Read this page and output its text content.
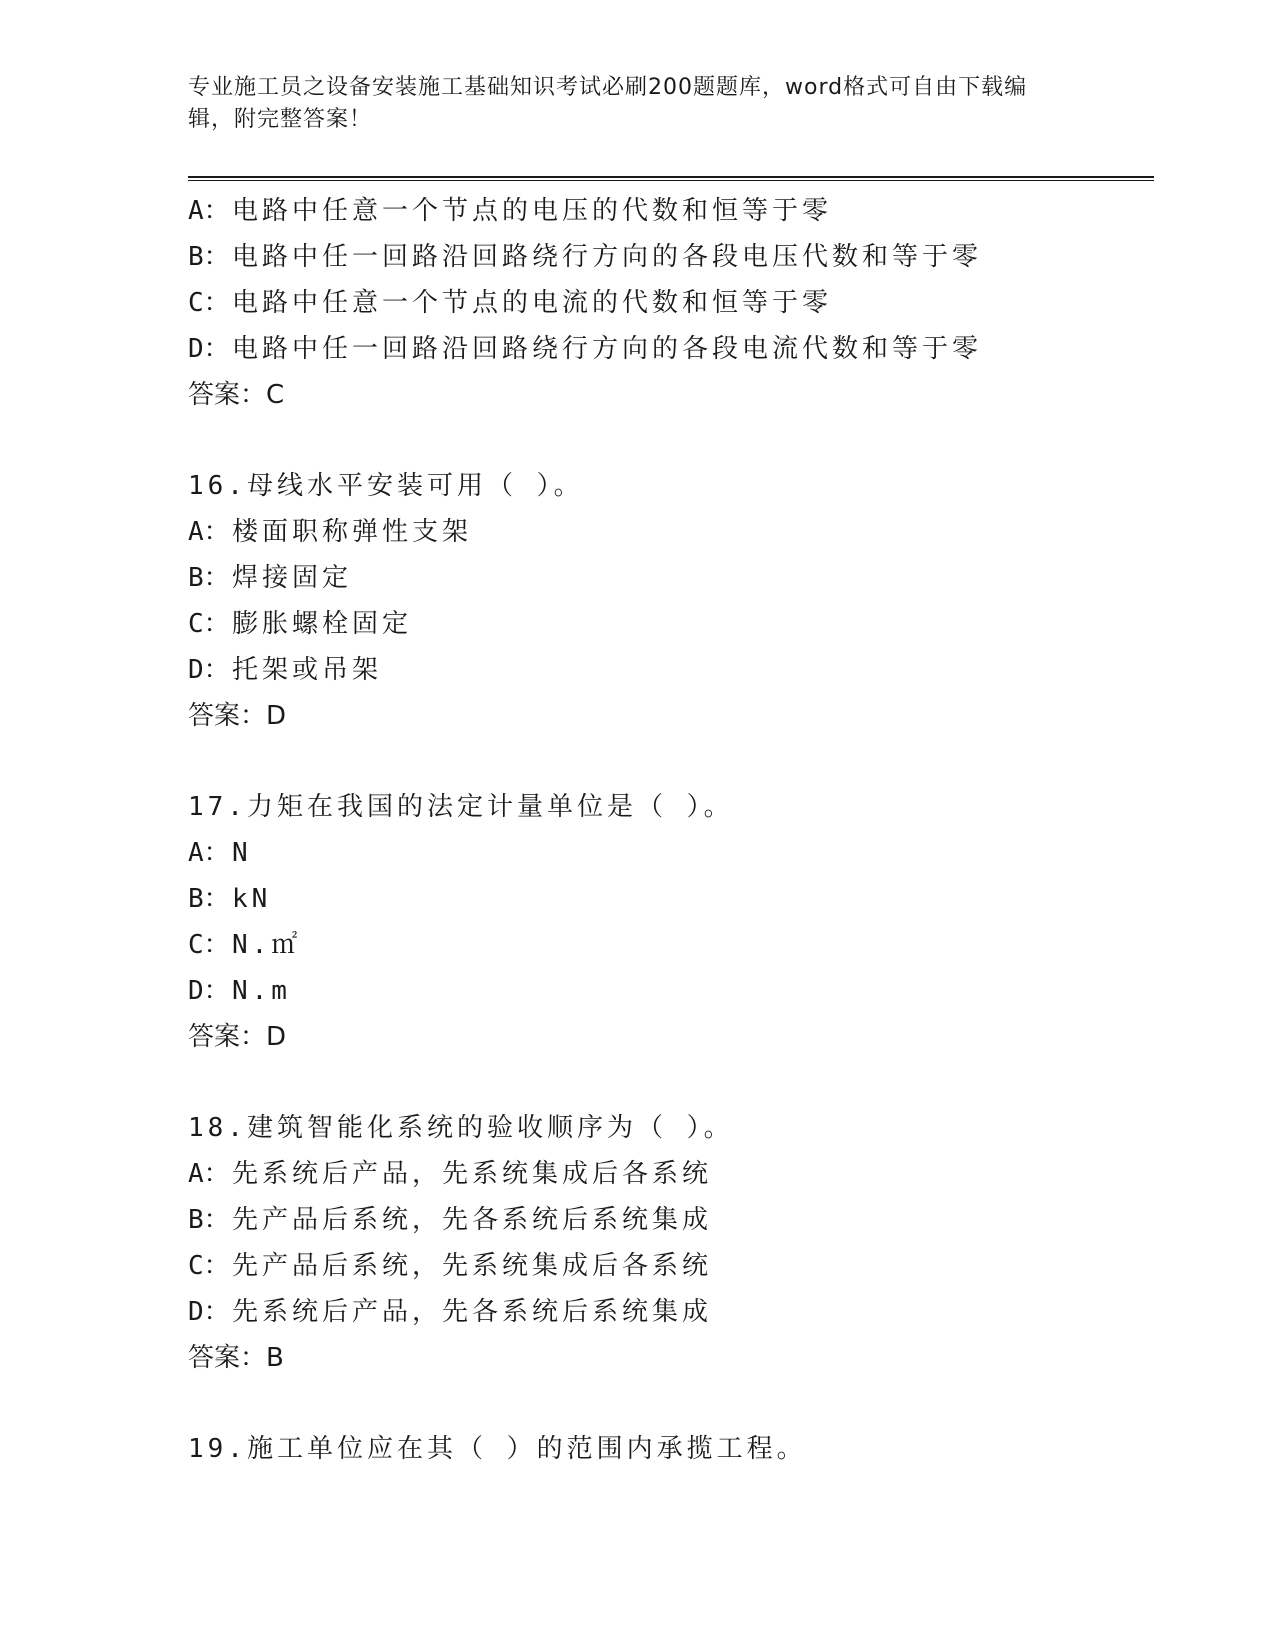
专业施工员之设备安装施工基础知识考试必刷200题题库，word格式可自由下载编辑，附完整答案！
A：电路中任意一个节点的电压的代数和恒等于零
B：电路中任一回路沿回路绕行方向的各段电压代数和等于零
C：电路中任意一个节点的电流的代数和恒等于零
D：电路中任一回路沿回路绕行方向的各段电流代数和等于零
答案：C
16.母线水平安装可用（ ）。
A：楼面职称弹性支架
B：焊接固定
C：膨胀螺栓固定
D：托架或吊架
答案：D
17.力矩在我国的法定计量单位是（ ）。
A：N
B：kN
C：N.㎡
D：N.m
答案：D
18.建筑智能化系统的验收顺序为（ ）。
A：先系统后产品，先系统集成后各系统
B：先产品后系统，先各系统后系统集成
C：先产品后系统，先系统集成后各系统
D：先系统后产品，先各系统后系统集成
答案：B
19.施工单位应在其（ ）的范围内承揽工程。
